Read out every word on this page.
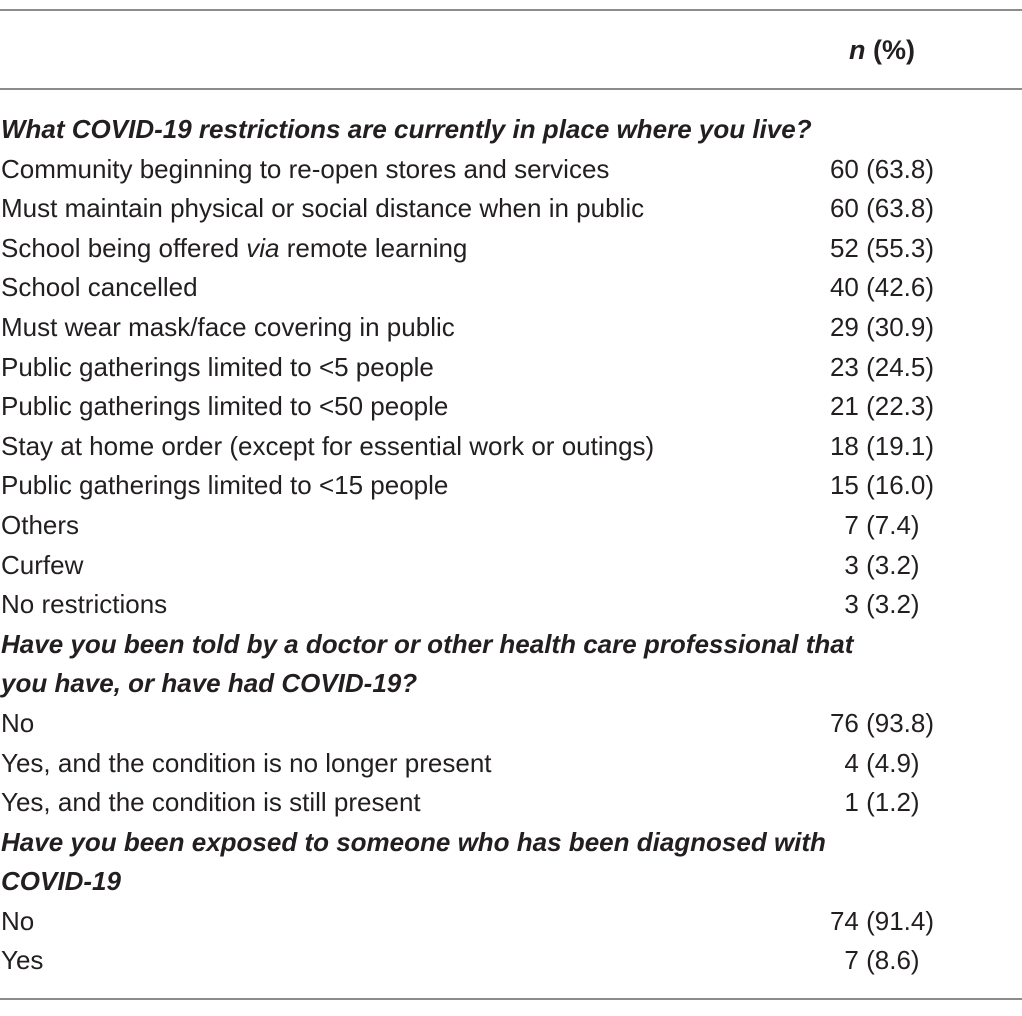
n (%)
What COVID-19 restrictions are currently in place where you live?
Community beginning to re-open stores and services	60 (63.8)
Must maintain physical or social distance when in public	60 (63.8)
School being offered via remote learning	52 (55.3)
School cancelled	40 (42.6)
Must wear mask/face covering in public	29 (30.9)
Public gatherings limited to <5 people	23 (24.5)
Public gatherings limited to <50 people	21 (22.3)
Stay at home order (except for essential work or outings)	18 (19.1)
Public gatherings limited to <15 people	15 (16.0)
Others	7 (7.4)
Curfew	3 (3.2)
No restrictions	3 (3.2)
Have you been told by a doctor or other health care professional that
you have, or have had COVID-19?
No	76 (93.8)
Yes, and the condition is no longer present	4 (4.9)
Yes, and the condition is still present	1 (1.2)
Have you been exposed to someone who has been diagnosed with
COVID-19
No	74 (91.4)
Yes	7 (8.6)
